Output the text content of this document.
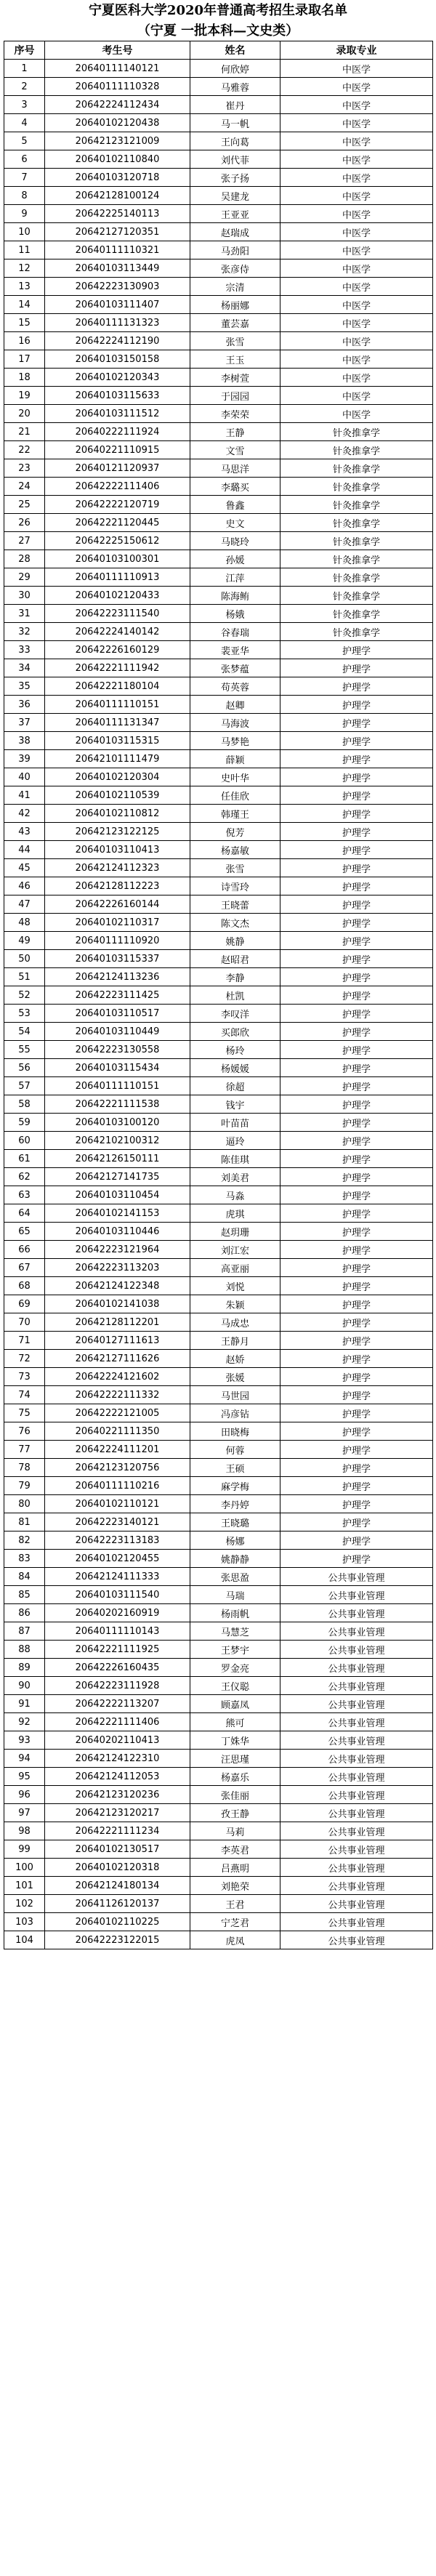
宁夏医科大学2020年普通高考招生录取名单
（宁夏 一批本科—文史类）
序号	考生号	姓名	录取专业
1	20640111140121	何欣婷	中医学
2	20640111110328	马雅蓉	中医学
3	20642224112434	崔丹	中医学
4	20640102120438	马一帆	中医学
5	20642123121009	王向葛	中医学
6	20640102110840	刘代菲	中医学
7	20640103120718	张子扬	中医学
8	20642128100124	吴建龙	中医学
9	20642225140113	王亚亚	中医学
10	20642127120351	赵瑞成	中医学
11	20640111110321	马劲阳	中医学
12	20640103113449	张彦侍	中医学
13	20642223130903	宗清	中医学
14	20640103111407	杨丽娜	中医学
15	20640111131323	董芸嘉	中医学
16	20642224112190	张雪	中医学
17	20640103150158	王玉	中医学
18	20640102120343	李树萱	中医学
19	20640103115633	于园园	中医学
20	20640103111512	李荣荣	中医学
21	20640222111924	王静	针灸推拿学
22	20640221110915	文雪	针灸推拿学
23	20640121120937	马思洋	针灸推拿学
24	20642222111406	李璐买	针灸推拿学
25	20642222120719	鲁鑫	针灸推拿学
26	20642221120445	史文	针灸推拿学
27	20642225150612	马晓玲	针灸推拿学
28	20640103100301	孙媛	针灸推拿学
29	20640111110913	江萍	针灸推拿学
30	20640102120433	陈海鲔	针灸推拿学
31	20642223111540	杨娥	针灸推拿学
32	20642224140142	谷春瑞	针灸推拿学
33	20642226160129	裴亚华	护理学
34	20642221111942	张梦蕴	护理学
35	20642221180104	苟英蓉	护理学
36	20640111110151	赵卿	护理学
37	20640111131347	马海波	护理学
38	20640103115315	马梦艳	护理学
39	20642101111479	薛颖	护理学
40	20640102120304	史叶华	护理学
41	20640102110539	任佳欣	护理学
42	20640102110812	韩瑾王	护理学
43	20642123122125	倪芳	护理学
44	20640103110413	杨嘉敏	护理学
45	20642124112323	张雪	护理学
46	20642128112223	诗雪玲	护理学
47	20642226160144	王晓蕾	护理学
48	20640102110317	陈文杰	护理学
49	20640111110920	姚静	护理学
50	20640103115337	赵昭君	护理学
51	20642124113236	李静	护理学
52	20642223111425	杜凯	护理学
53	20640103110517	李叹洋	护理学
54	20640103110449	买郎欣	护理学
55	20642223130558	杨玲	护理学
56	20640103115434	杨媛媛	护理学
57	20640111110151	徐超	护理学
58	20642221111538	钱宇	护理学
59	20640103100120	叶苗苗	护理学
60	20642102100312	逼玲	护理学
61	20642126150111	陈佳琪	护理学
62	20642127141735	刘美君	护理学
63	20640103110454	马淼	护理学
64	20640102141153	虎琪	护理学
65	20640103110446	赵玥珊	护理学
66	20642223121964	刘江宏	护理学
67	20642223113203	高亚丽	护理学
68	20642124122348	刘悦	护理学
69	20640102141038	朱颖	护理学
70	20642128112201	马成忠	护理学
71	20640127111613	王静月	护理学
72	20642127111626	赵娇	护理学
73	20642224121602	张媛	护理学
74	20642222111332	马世园	护理学
75	20642222121005	冯彦钻	护理学
76	20640221111350	田晓梅	护理学
77	20642224111201	何蓉	护理学
78	20642123120756	王硕	护理学
79	20640111110216	麻学梅	护理学
80	20640102110121	李丹婷	护理学
81	20642223140121	王晓璐	护理学
82	20642223113183	杨娜	护理学
83	20640102120455	姚静静	护理学
84	20642124111333	张思盈	公共事业管理
85	20640103111540	马瑞	公共事业管理
86	20640202160919	杨雨帆	公共事业管理
87	20640111110143	马慧芝	公共事业管理
88	20642221111925	王梦宇	公共事业管理
89	20642226160435	罗金亮	公共事业管理
90	20642223111928	王仪聪	公共事业管理
91	20642222113207	顾嘉凤	公共事业管理
92	20642221111406	熊可	公共事业管理
93	20640202110413	丁姝华	公共事业管理
94	20642124122310	汪思瑾	公共事业管理
95	20642124112053	杨嘉乐	公共事业管理
96	20642123120236	张佳丽	公共事业管理
97	20642123120217	孜王静	公共事业管理
98	20642221111234	马莉	公共事业管理
99	20640102130517	李英君	公共事业管理
100	20640102120318	吕燕明	公共事业管理
101	20642124180134	刘艳荣	公共事业管理
102	20641126120137	王君	公共事业管理
103	20640102110225	宁芝君	公共事业管理
104	20642223122015	虎凤	公共事业管理
